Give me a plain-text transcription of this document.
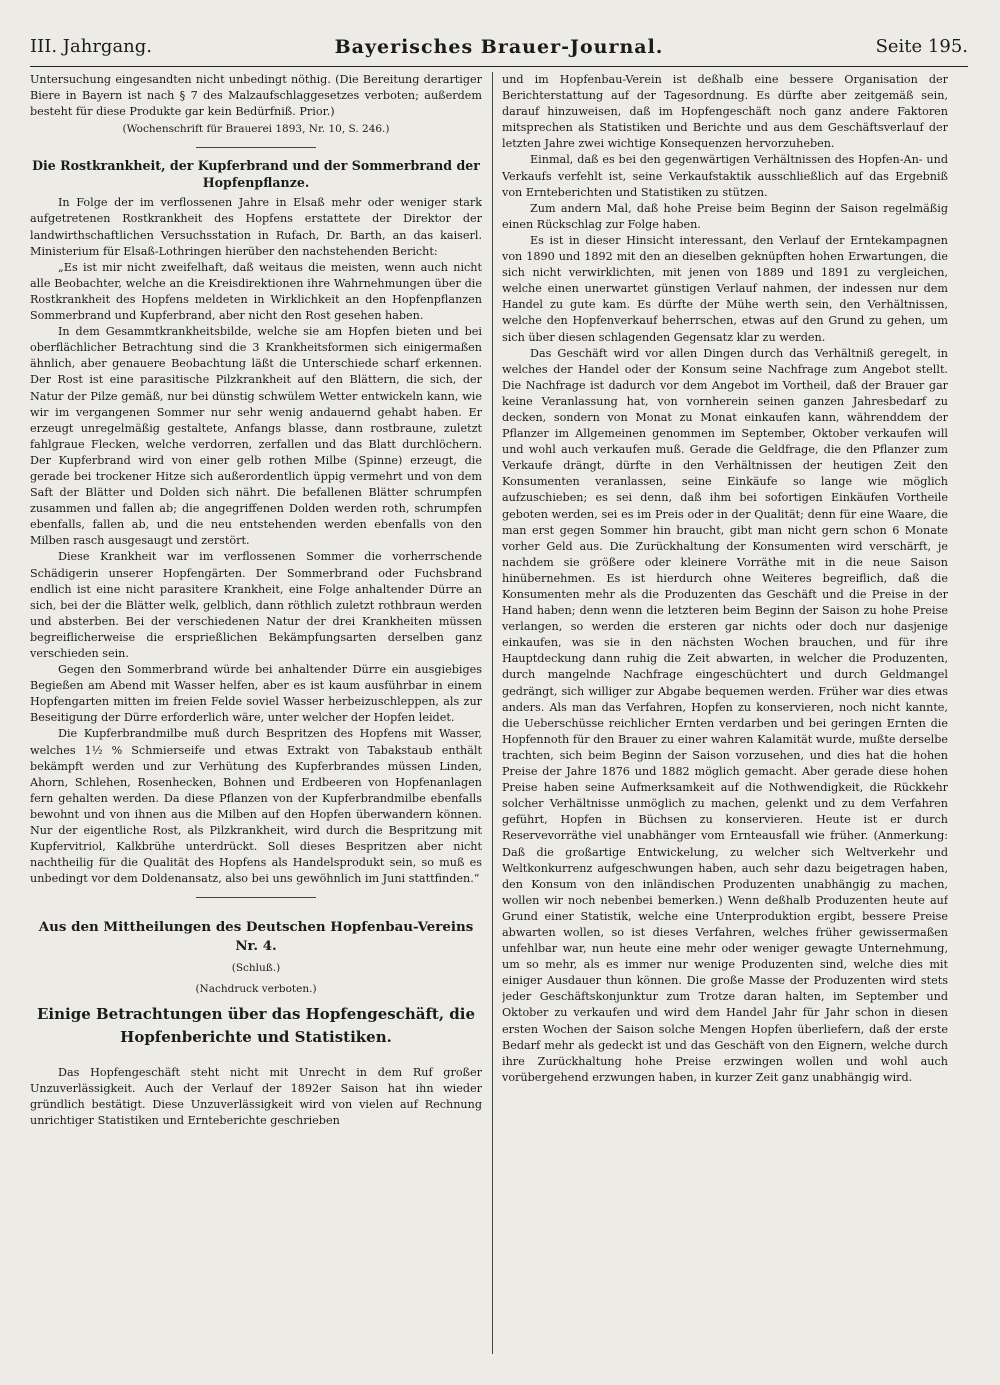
III. Jahrgang.	Bayerisches Brauer-Journal.	Seite 195.

Untersuchung eingesandten nicht unbedingt nöthig. (Die Bereitung derartiger Biere in Bayern ist nach § 7 des Malzaufschlaggesetzes verboten; außerdem besteht für diese Produkte gar kein Bedürfniß. Prior.)

(Wochenschrift für Brauerei 1893, Nr. 10, S. 246.)

Die Rostkrankheit, der Kupferbrand und der Sommerbrand der Hopfenpflanze.

In Folge der im verflossenen Jahre in Elsaß mehr oder weniger stark aufgetretenen Rostkrankheit des Hopfens erstattete der Direktor der landwirthschaftlichen Versuchsstation in Rufach, Dr. Barth, an das kaiserl. Ministerium für Elsaß-Lothringen hierüber den nachstehenden Bericht:

„Es ist mir nicht zweifelhaft, daß weitaus die meisten, wenn auch nicht alle Beobachter, welche an die Kreisdirektionen ihre Wahrnehmungen über die Rostkrankheit des Hopfens meldeten in Wirklichkeit an den Hopfenpflanzen Sommerbrand und Kupferbrand, aber nicht den Rost gesehen haben.

In dem Gesammtkrankheitsbilde, welche sie am Hopfen bieten und bei oberflächlicher Betrachtung sind die 3 Krankheitsformen sich einigermaßen ähnlich, aber genauere Beobachtung läßt die Unterschiede scharf erkennen. Der Rost ist eine parasitische Pilzkrankheit auf den Blättern, die sich, der Natur der Pilze gemäß, nur bei dünstig schwülem Wetter entwickeln kann, wie wir im vergangenen Sommer nur sehr wenig andauernd gehabt haben. Er erzeugt unregelmäßig gestaltete, Anfangs blasse, dann rostbraune, zuletzt fahlgraue Flecken, welche verdorren, zerfallen und das Blatt durchlöchern. Der Kupferbrand wird von einer gelb rothen Milbe (Spinne) erzeugt, die gerade bei trockener Hitze sich außerordentlich üppig vermehrt und von dem Saft der Blätter und Dolden sich nährt. Die befallenen Blätter schrumpfen zusammen und fallen ab; die angegriffenen Dolden werden roth, schrumpfen ebenfalls, fallen ab, und die neu entstehenden werden ebenfalls von den Milben rasch ausgesaugt und zerstört.

Diese Krankheit war im verflossenen Sommer die vorherrschende Schädigerin unserer Hopfengärten. Der Sommerbrand oder Fuchsbrand endlich ist eine nicht parasitere Krankheit, eine Folge anhaltender Dürre an sich, bei der die Blätter welk, gelblich, dann röthlich zuletzt rothbraun werden und absterben. Bei der verschiedenen Natur der drei Krankheiten müssen begreiflicherweise die ersprießlichen Bekämpfungsarten derselben ganz verschieden sein.

Gegen den Sommerbrand würde bei anhaltender Dürre ein ausgiebiges Begießen am Abend mit Wasser helfen, aber es ist kaum ausführbar in einem Hopfengarten mitten im freien Felde soviel Wasser herbeizuschleppen, als zur Beseitigung der Dürre erforderlich wäre, unter welcher der Hopfen leidet.

Die Kupferbrandmilbe muß durch Bespritzen des Hopfens mit Wasser, welches 1½ % Schmierseife und etwas Extrakt von Tabakstaub enthält bekämpft werden und zur Verhütung des Kupferbrandes müssen Linden, Ahorn, Schlehen, Rosenhecken, Bohnen und Erdbeeren von Hopfenanlagen fern gehalten werden. Da diese Pflanzen von der Kupferbrandmilbe ebenfalls bewohnt und von ihnen aus die Milben auf den Hopfen überwandern können. Nur der eigentliche Rost, als Pilzkrankheit, wird durch die Bespritzung mit Kupfervitriol, Kalkbrühe unterdrückt. Soll dieses Bespritzen aber nicht nachtheilig für die Qualität des Hopfens als Handelsprodukt sein, so muß es unbedingt vor dem Doldenansatz, also bei uns gewöhnlich im Juni stattfinden.“

Aus den Mittheilungen des Deutschen Hopfenbau-Vereins Nr. 4.

(Schluß.)

(Nachdruck verboten.)

Einige Betrachtungen über das Hopfengeschäft, die Hopfenberichte und Statistiken.

Das Hopfengeschäft steht nicht mit Unrecht in dem Ruf großer Unzuverlässigkeit. Auch der Verlauf der 1892er Saison hat ihn wieder gründlich bestätigt. Diese Unzuverlässigkeit wird von vielen auf Rechnung unrichtiger Statistiken und Ernteberichte geschrieben

und im Hopfenbau-Verein ist deßhalb eine bessere Organisation der Berichterstattung auf der Tagesordnung. Es dürfte aber zeitgemäß sein, darauf hinzuweisen, daß im Hopfengeschäft noch ganz andere Faktoren mitsprechen als Statistiken und Berichte und aus dem Geschäftsverlauf der letzten Jahre zwei wichtige Konsequenzen hervorzuheben.

Einmal, daß es bei den gegenwärtigen Verhältnissen des Hopfen-An- und Verkaufs verfehlt ist, seine Verkaufstaktik ausschließlich auf das Ergebniß von Ernteberichten und Statistiken zu stützen.

Zum andern Mal, daß hohe Preise beim Beginn der Saison regelmäßig einen Rückschlag zur Folge haben.

Es ist in dieser Hinsicht interessant, den Verlauf der Erntekampagnen von 1890 und 1892 mit den an dieselben geknüpften hohen Erwartungen, die sich nicht verwirklichten, mit jenen von 1889 und 1891 zu vergleichen, welche einen unerwartet günstigen Verlauf nahmen, der indessen nur dem Handel zu gute kam. Es dürfte der Mühe werth sein, den Verhältnissen, welche den Hopfenverkauf beherrschen, etwas auf den Grund zu gehen, um sich über diesen schlagenden Gegensatz klar zu werden.

Das Geschäft wird vor allen Dingen durch das Verhältniß geregelt, in welches der Handel oder der Konsum seine Nachfrage zum Angebot stellt. Die Nachfrage ist dadurch vor dem Angebot im Vortheil, daß der Brauer gar keine Veranlassung hat, von vornherein seinen ganzen Jahresbedarf zu decken, sondern von Monat zu Monat einkaufen kann, währenddem der Pflanzer im Allgemeinen genommen im September, Oktober verkaufen will und wohl auch verkaufen muß. Gerade die Geldfrage, die den Pflanzer zum Verkaufe drängt, dürfte in den Verhältnissen der heutigen Zeit den Konsumenten veranlassen, seine Einkäufe so lange wie möglich aufzuschieben; es sei denn, daß ihm bei sofortigen Einkäufen Vortheile geboten werden, sei es im Preis oder in der Qualität; denn für eine Waare, die man erst gegen Sommer hin braucht, gibt man nicht gern schon 6 Monate vorher Geld aus. Die Zurückhaltung der Konsumenten wird verschärft, je nachdem sie größere oder kleinere Vorräthe mit in die neue Saison hinübernehmen. Es ist hierdurch ohne Weiteres begreiflich, daß die Konsumenten mehr als die Produzenten das Geschäft und die Preise in der Hand haben; denn wenn die letzteren beim Beginn der Saison zu hohe Preise verlangen, so werden die ersteren gar nichts oder doch nur dasjenige einkaufen, was sie in den nächsten Wochen brauchen, und für ihre Hauptdeckung dann ruhig die Zeit abwarten, in welcher die Produzenten, durch mangelnde Nachfrage eingeschüchtert und durch Geldmangel gedrängt, sich williger zur Abgabe bequemen werden. Früher war dies etwas anders. Als man das Verfahren, Hopfen zu konservieren, noch nicht kannte, die Ueberschüsse reichlicher Ernten verdarben und bei geringen Ernten die Hopfennoth für den Brauer zu einer wahren Kalamität wurde, mußte derselbe trachten, sich beim Beginn der Saison vorzusehen, und dies hat die hohen Preise der Jahre 1876 und 1882 möglich gemacht. Aber gerade diese hohen Preise haben seine Aufmerksamkeit auf die Nothwendigkeit, die Rückkehr solcher Verhältnisse unmöglich zu machen, gelenkt und zu dem Verfahren geführt, Hopfen in Büchsen zu konservieren. Heute ist er durch Reservevorräthe viel unabhänger vom Ernteausfall wie früher. (Anmerkung: Daß die großartige Entwickelung, zu welcher sich Weltverkehr und Weltkonkurrenz aufgeschwungen haben, auch sehr dazu beigetragen haben, den Konsum von den inländischen Produzenten unabhängig zu machen, wollen wir noch nebenbei bemerken.) Wenn deßhalb Produzenten heute auf Grund einer Statistik, welche eine Unterproduktion ergibt, bessere Preise abwarten wollen, so ist dieses Verfahren, welches früher gewissermaßen unfehlbar war, nun heute eine mehr oder weniger gewagte Unternehmung, um so mehr, als es immer nur wenige Produzenten sind, welche dies mit einiger Ausdauer thun können. Die große Masse der Produzenten wird stets jeder Geschäftskonjunktur zum Trotze daran halten, im September und Oktober zu verkaufen und wird dem Handel Jahr für Jahr schon in diesen ersten Wochen der Saison solche Mengen Hopfen überliefern, daß der erste Bedarf mehr als gedeckt ist und das Geschäft von den Eignern, welche durch ihre Zurückhaltung hohe Preise erzwingen wollen und wohl auch vorübergehend erzwungen haben, in kurzer Zeit ganz unabhängig wird.
